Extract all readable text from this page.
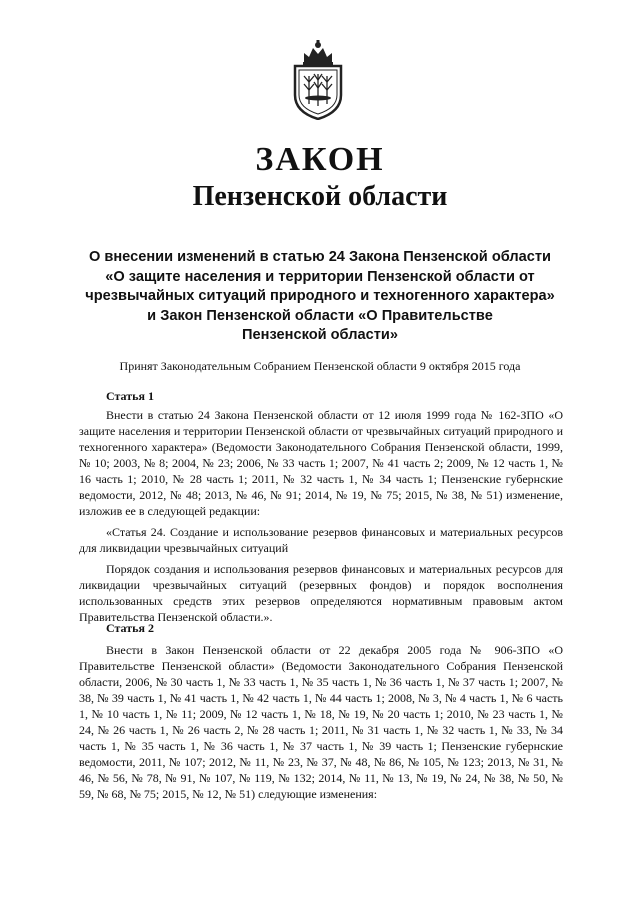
ЗАКОН
Пензенской области
О внесении изменений в статью 24 Закона Пензенской области
«О защите населения и территории Пензенской области от
чрезвычайных ситуаций природного и техногенного характера»
и Закон Пензенской области «О Правительстве
Пензенской области»
Принят Законодательным Собранием Пензенской области 9 октября 2015 года
Статья 1

Внести в статью 24 Закона Пензенской области от 12 июля 1999 года № 162-ЗПО «О защите населения и территории Пензенской области от чрезвычайных ситуаций природного и техногенного характера» (Ведомости Законодательного Собрания Пензенской области, 1999, № 10; 2003, № 8; 2004, № 23; 2006, № 33 часть 1; 2007, № 41 часть 2; 2009, № 12 часть 1, № 16 часть 1; 2010, № 28 часть 1; 2011, № 32 часть 1, № 34 часть 1; Пензенские губернские ведомости, 2012, № 48; 2013, № 46, № 91; 2014, № 19, № 75; 2015, № 38, № 51) изменение, изложив ее в следующей редакции:

«Статья 24. Создание и использование резервов финансовых и материальных ресурсов для ликвидации чрезвычайных ситуаций

Порядок создания и использования резервов финансовых и материальных ресурсов для ликвидации чрезвычайных ситуаций (резервных фондов) и порядок восполнения использованных средств этих резервов определяются нормативным правовым актом Правительства Пензенской области.».

Статья 2

Внести в Закон Пензенской области от 22 декабря 2005 года № 906-ЗПО «О Правительстве Пензенской области» (Ведомости Законодательного Собрания Пензенской области, 2006, № 30 часть 1, № 33 часть 1, № 35 часть 1, № 36 часть 1, № 37 часть 1; 2007, № 38, № 39 часть 1, № 41 часть 1, № 42 часть 1, № 44 часть 1; 2008, № 3, № 4 часть 1, № 6 часть 1, № 10 часть 1, № 11; 2009, № 12 часть 1, № 18, № 19, № 20 часть 1; 2010, № 23 часть 1, № 24, № 26 часть 1, № 26 часть 2, № 28 часть 1; 2011, № 31 часть 1, № 32 часть 1, № 33, № 34 часть 1, № 35 часть 1, № 36 часть 1, № 37 часть 1, № 39 часть 1; Пензенские губернские ведомости, 2011, № 107; 2012, № 11, № 23, № 37, № 48, № 86, № 105, № 123; 2013, № 31, № 46, № 56, № 78, № 91, № 107, № 119, № 132; 2014, № 11, № 13, № 19, № 24, № 38, № 50, № 59, № 68, № 75; 2015, № 12, № 51) следующие изменения:
